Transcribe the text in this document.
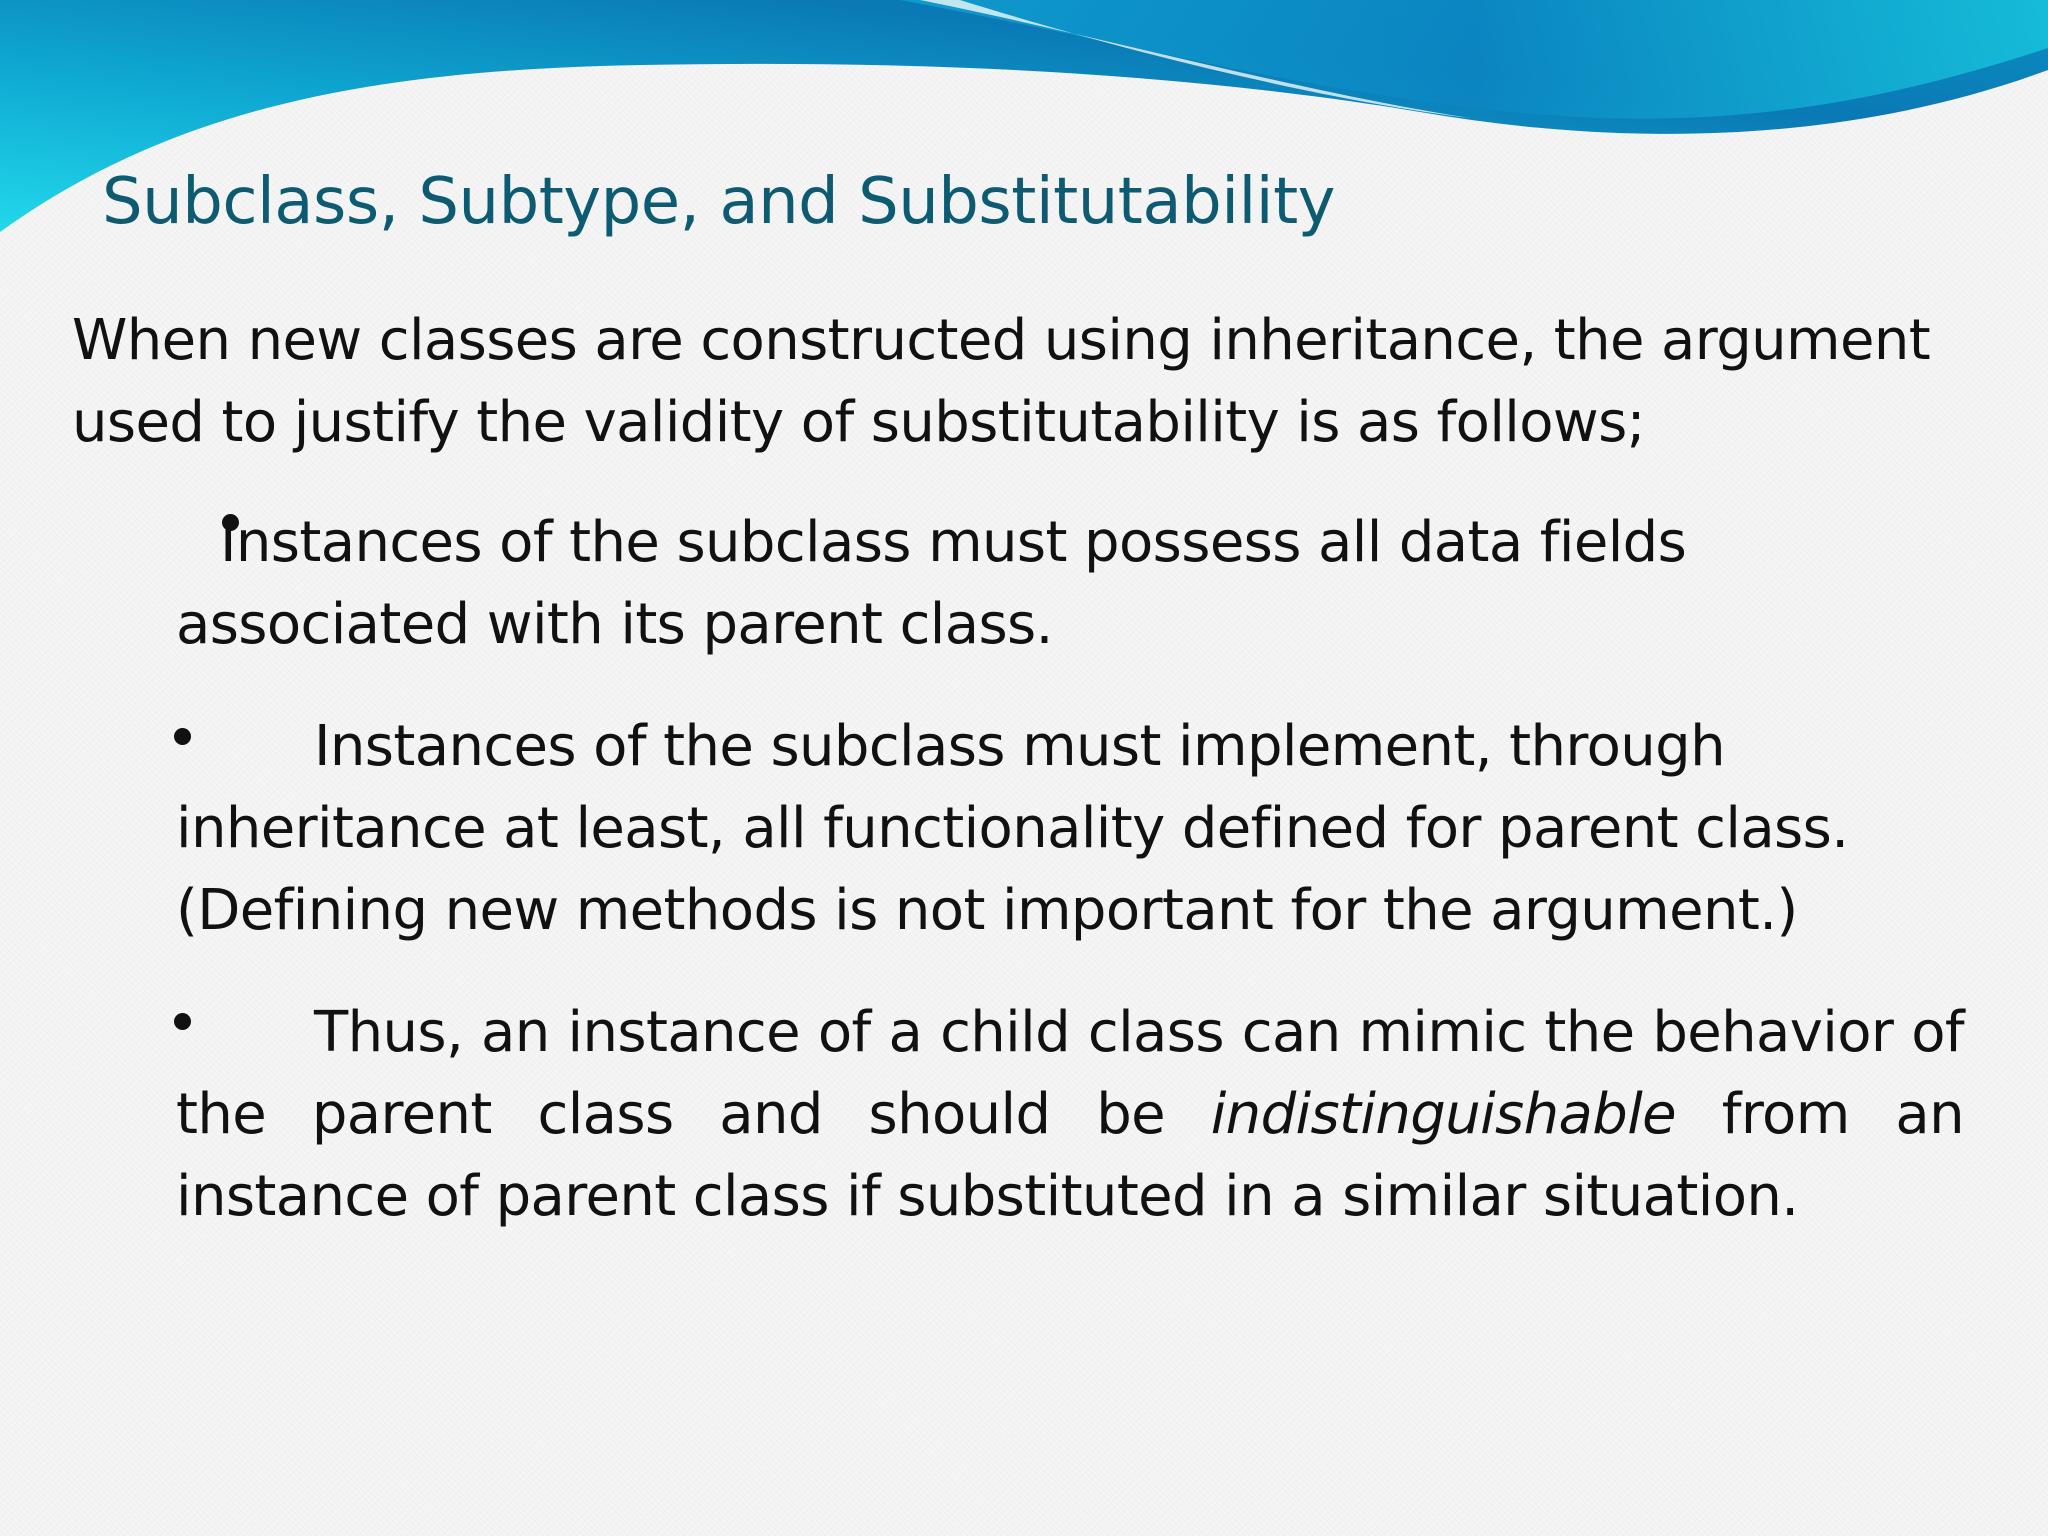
Subclass, Subtype, and Substitutability

When new classes are constructed using inheritance, the argument used to justify the validity of substitutability is as follows;

Instances of the subclass must possess all data fields associated with its parent class.

Instances of the subclass must implement, through inheritance at least, all functionality defined for parent class. (Defining new methods is not important for the argument.)

Thus, an instance of a child class can mimic the behavior of the parent class and should be indistinguishable from an instance of parent class if substituted in a similar situation.
